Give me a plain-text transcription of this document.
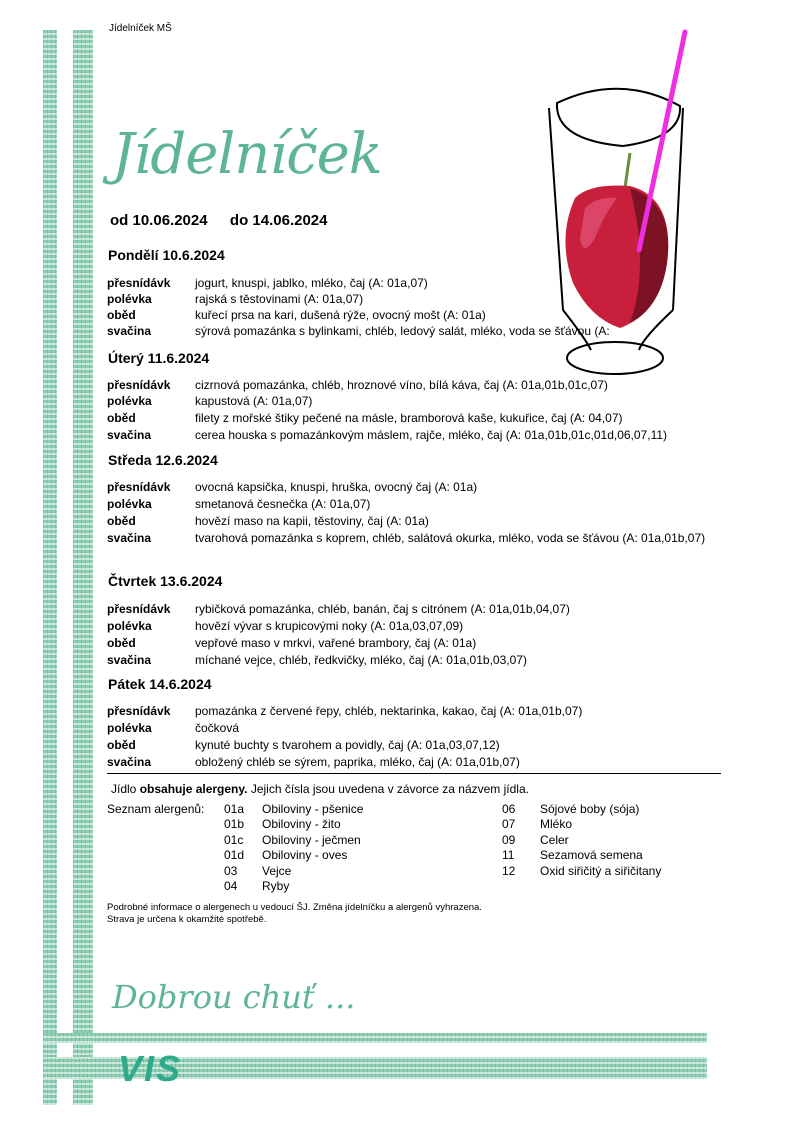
Jídelníček MŠ
Jídelníček
od 10.06.2024 do 14.06.2024
Pondělí 10.6.2024
přesnídávk jogurt, knuspi, jablko, mléko, čaj (A: 01a,07)
polévka	rajská s těstovinami (A: 01a,07)
oběd	kuřecí prsa na kari, dušená rýže, ovocný mošt (A: 01a)
svačina	sýrová pomazánka s bylinkami, chléb, ledový salát, mléko, voda se šťávou (A:
Úterý 11.6.2024
přesnídávk cizrnová pomazánka, chléb, hroznové víno, bílá káva, čaj (A: 01a,01b,01c,07)
polévka	kapustová (A: 01a,07)
oběd	filety z mořské štiky pečené na másle, bramborová kaše, kukuřice, čaj (A: 04,07)
svačina	cerea houska s pomazánkovým máslem, rajče, mléko, čaj (A: 01a,01b,01c,01d,06,07,11)
Středa 12.6.2024
přesnídávk ovocná kapsička, knuspi, hruška, ovocný čaj (A: 01a)
polévka	smetanová česnečka (A: 01a,07)
oběd	hovězí maso na kapii, těstoviny, čaj (A: 01a)
svačina	tvarohová pomazánka s koprem, chléb, salátová okurka, mléko, voda se šťávou (A: 01a,01b,07)
Čtvrtek 13.6.2024
přesnídávk rybičková pomazánka, chléb, banán, čaj s citrónem (A: 01a,01b,04,07)
polévka	hovězí vývar s krupicovými noky (A: 01a,03,07,09)
oběd	vepřové maso v mrkvi, vařené brambory, čaj (A: 01a)
svačina	míchané vejce, chléb, ředkvičky, mléko, čaj (A: 01a,01b,03,07)
Pátek 14.6.2024
přesnídávk pomazánka z červené řepy, chléb, nektarinka, kakao, čaj (A: 01a,01b,07)
polévka	čočková
oběd	kynuté buchty s tvarohem a povidly, čaj (A: 01a,03,07,12)
svačina	obložený chléb se sýrem, paprika, mléko, čaj (A: 01a,01b,07)
Jídlo obsahuje alergeny. Jejich čísla jsou uvedena v závorce za názvem jídla.
Seznam alergenů: 01a Obiloviny - pšenice
01b Obiloviny - žito
01c Obiloviny - ječmen
01d Obiloviny - oves
03 Vejce
04 Ryby
06 Sójové boby (sója)
07 Mléko
09 Celer
11 Sezamová semena
12 Oxid siřičitý a siřičitany
Podrobné informace o alergenech u vedoucí ŠJ. Změna jídelníčku a alergenů vyhrazena.
Strava je určena k okamžité spotřebě.
Dobrou chuť ...
VIS
